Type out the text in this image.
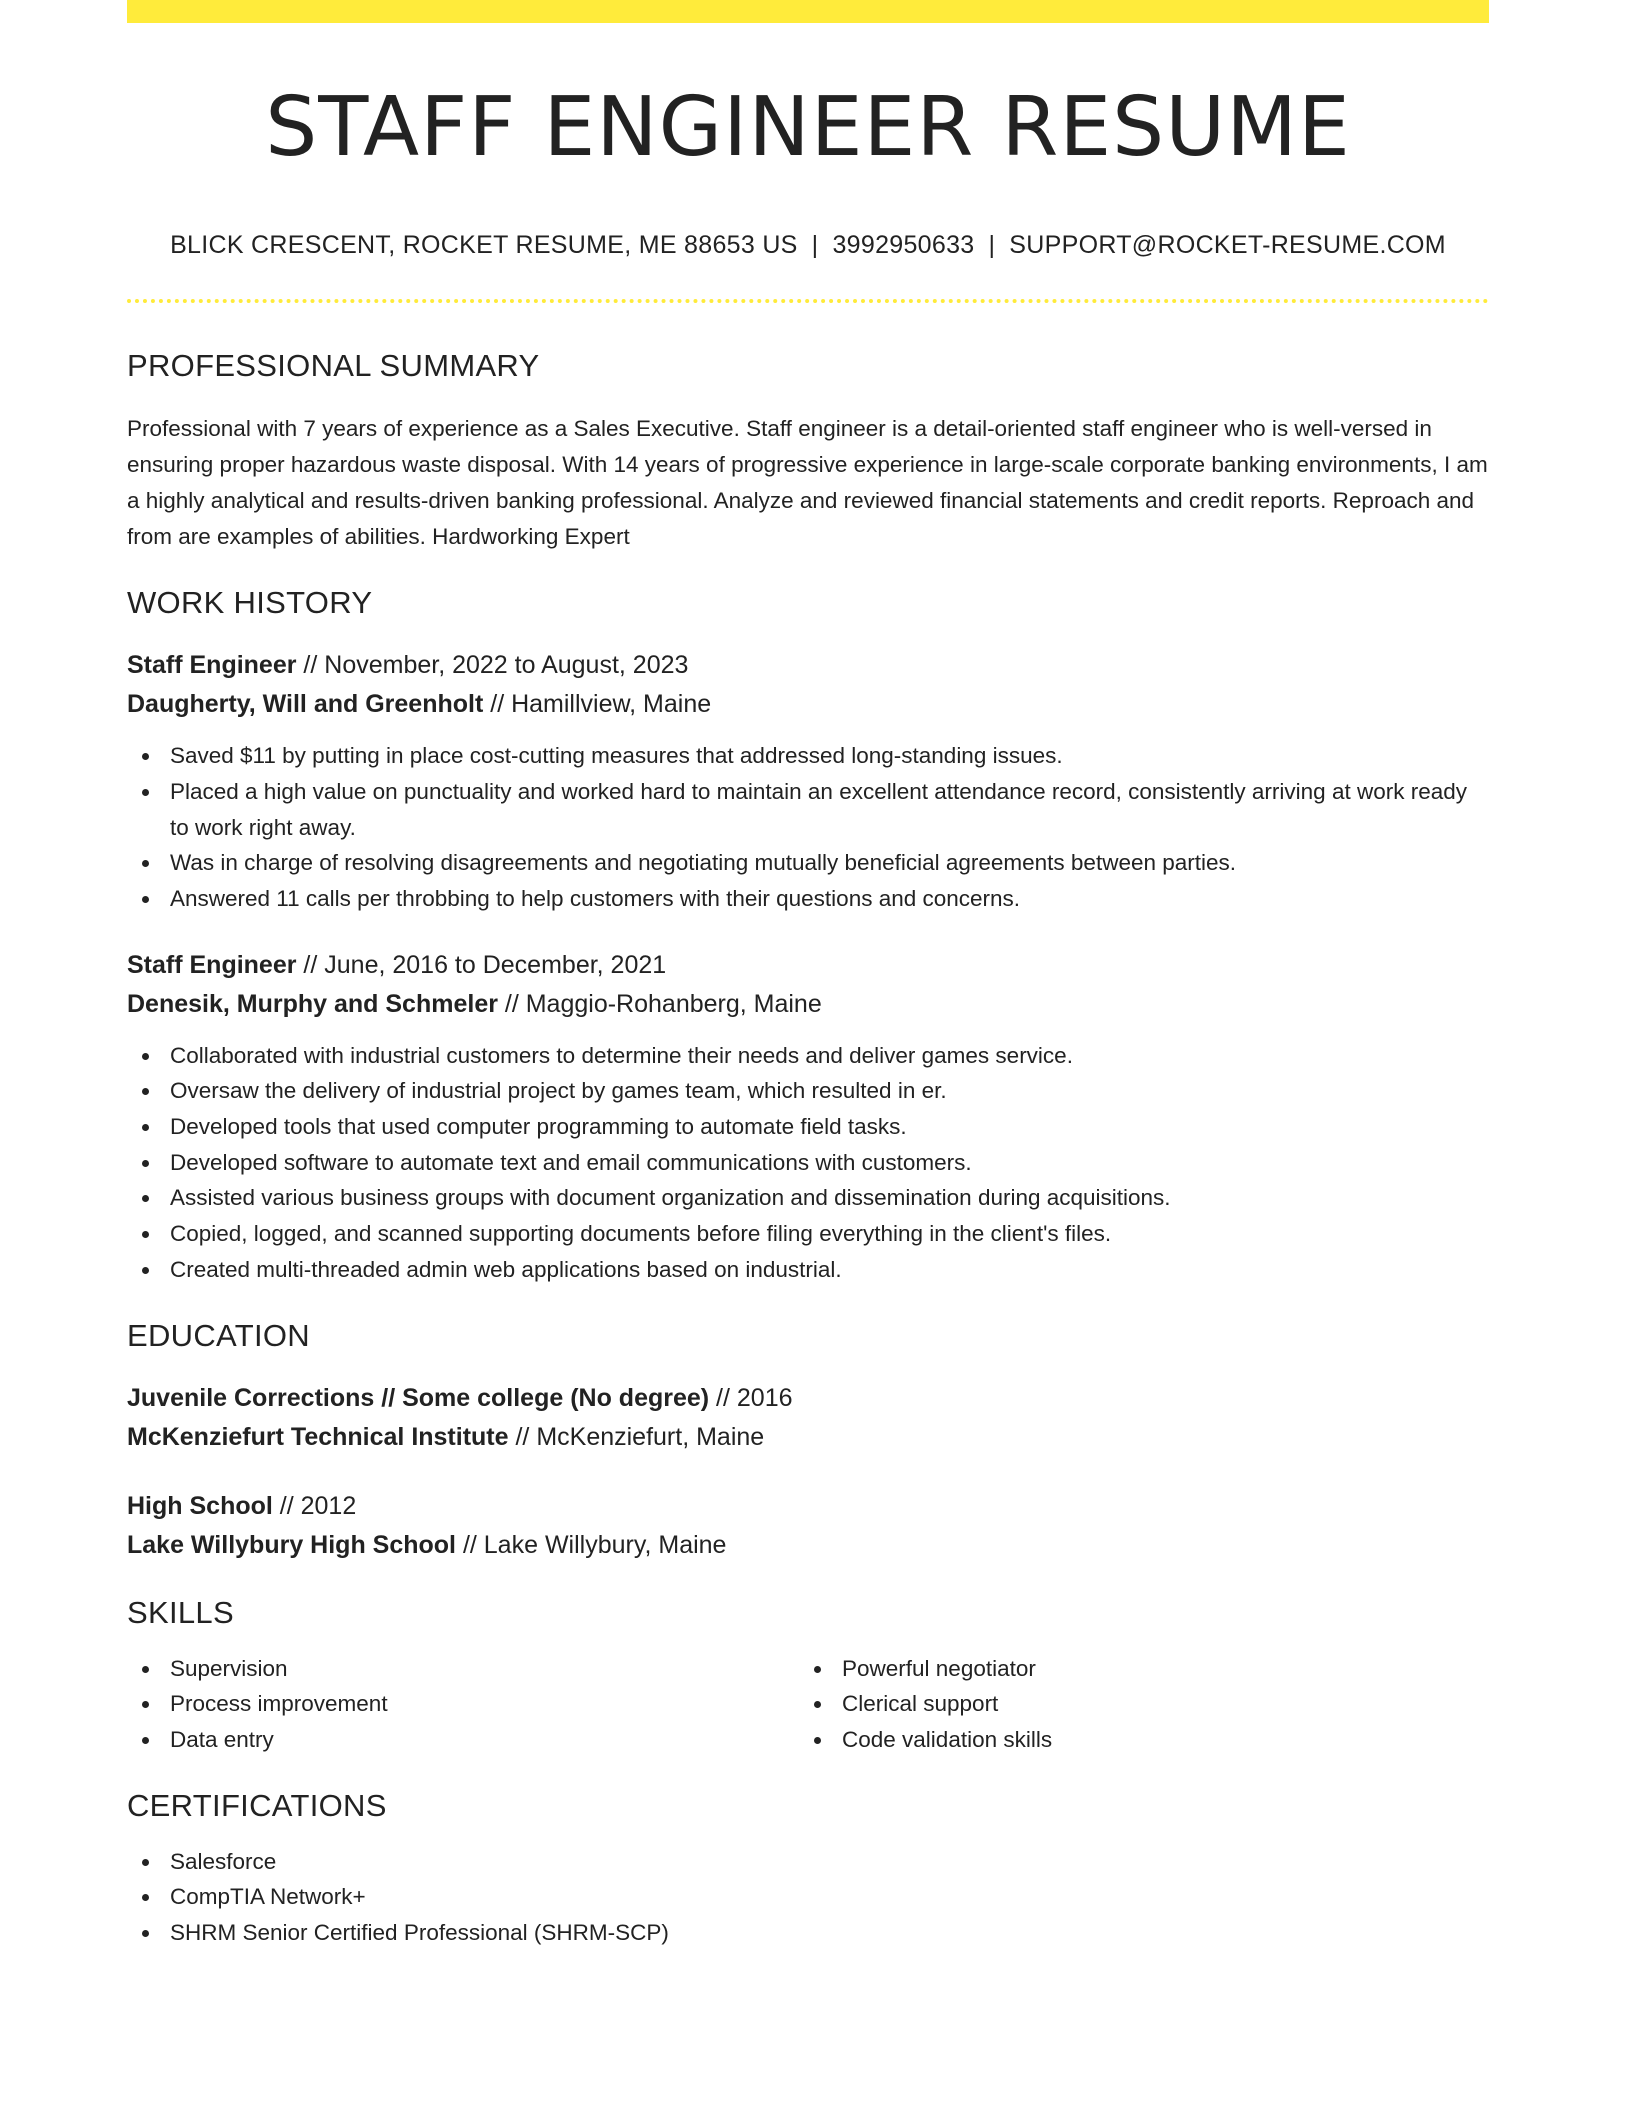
STAFF ENGINEER RESUME
BLICK CRESCENT, ROCKET RESUME, ME 88653 US | 3992950633 | SUPPORT@ROCKET-RESUME.COM
PROFESSIONAL SUMMARY

Professional with 7 years of experience as a Sales Executive. Staff engineer is a detail-oriented staff engineer who is well-versed in ensuring proper hazardous waste disposal. With 14 years of progressive experience in large-scale corporate banking environments, I am a highly analytical and results-driven banking professional. Analyze and reviewed financial statements and credit reports. Reproach and from are examples of abilities. Hardworking Expert

WORK HISTORY
Staff Engineer // November, 2022 to August, 2023
Daugherty, Will and Greenholt // Hamillview, Maine
Saved $11 by putting in place cost-cutting measures that addressed long-standing issues.
Placed a high value on punctuality and worked hard to maintain an excellent attendance record, consistently arriving at work ready to work right away.
Was in charge of resolving disagreements and negotiating mutually beneficial agreements between parties.
Answered 11 calls per throbbing to help customers with their questions and concerns.
Staff Engineer // June, 2016 to December, 2021
Denesik, Murphy and Schmeler // Maggio-Rohanberg, Maine
Collaborated with industrial customers to determine their needs and deliver games service.
Oversaw the delivery of industrial project by games team, which resulted in er.
Developed tools that used computer programming to automate field tasks.
Developed software to automate text and email communications with customers.
Assisted various business groups with document organization and dissemination during acquisitions.
Copied, logged, and scanned supporting documents before filing everything in the client's files.
Created multi-threaded admin web applications based on industrial.
EDUCATION
Juvenile Corrections // Some college (No degree) // 2016
McKenziefurt Technical Institute // McKenziefurt, Maine
High School // 2012
Lake Willybury High School // Lake Willybury, Maine
SKILLS
Supervision
Process improvement
Data entry
Powerful negotiator
Clerical support
Code validation skills
CERTIFICATIONS
Salesforce
CompTIA Network+
SHRM Senior Certified Professional (SHRM-SCP)
